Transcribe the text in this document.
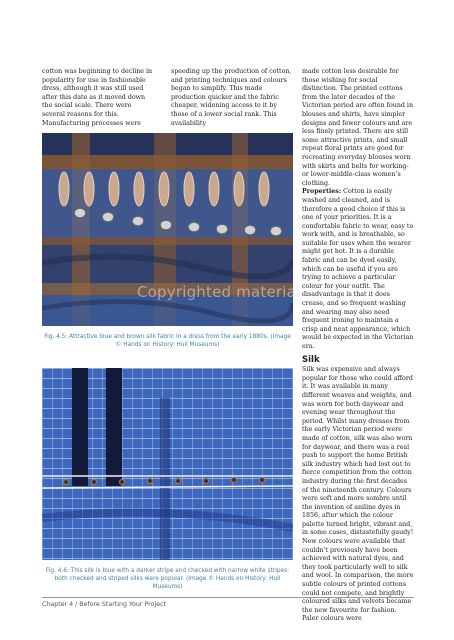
cotton was beginning to decline in popularity for use in fashionable dress, although it was still used after this date as it moved down the social scale. There were several reasons for this. Manufacturing processes were

speeding up the production of cotton, and printing techniques and colours began to simplify. This made production quicker and the fabric cheaper, widening access to it by those of a lower social rank. This availability

made cotton less desirable for those wishing for social distinction. The printed cottons from the later decades of the Victorian period are often found in blouses and shirts, have simpler designs and fewer colours and are less finely printed. There are still some attractive prints, and small repeat floral prints are good for recreating everyday blouses worn with skirts and belts for working- or lower-middle-class women’s clothing.

Properties: Cotton is easily washed and cleaned, and is therefore a good choice if this is one of your priorities. It is a comfortable fabric to wear, easy to work with, and is breathable, so suitable for uses when the wearer might get hot. It is a durable fabric and can be dyed easily, which can be useful if you are trying to achieve a particular colour for your outfit. The disadvantage is that it does crease, and so frequent washing and wearing may also need frequent ironing to maintain a crisp and neat appearance, which would be expected in the Victorian era.

Silk

Silk was expensive and always popular for those who could afford it. It was available in many different weaves and weights, and was worn for both daywear and evening wear throughout the period. Whilst many dresses from the early Victorian period were made of cotton, silk was also worn for daywear, and there was a real push to support the home British silk industry which had lost out to fierce competition from the cotton industry during the first decades of the nineteenth century. Colours were soft and more sombre until the invention of aniline dyes in 1856, after which the colour palette turned bright, vibrant and, in some cases, distastefully gaudy! New colours were available that couldn’t previously have been achieved with natural dyes, and they took particularly well to silk and wool. In comparison, the more subtle colours of printed cottons could not compete, and brightly coloured silks and velvets became the new favourite for fashion. Paler colours were

Copyrighted material
Fig. 4.5: Attractive blue and brown silk fabric in a dress from the early 1880s. (Image © Hands on History: Hull Museums)
Fig. 4.6: This silk is blue with a darker stripe and checked with narrow white stripes: both checked and striped silks were popular. (Image © Hands on History: Hull Museums)
Chapter 4 / Before Starting Your Project
